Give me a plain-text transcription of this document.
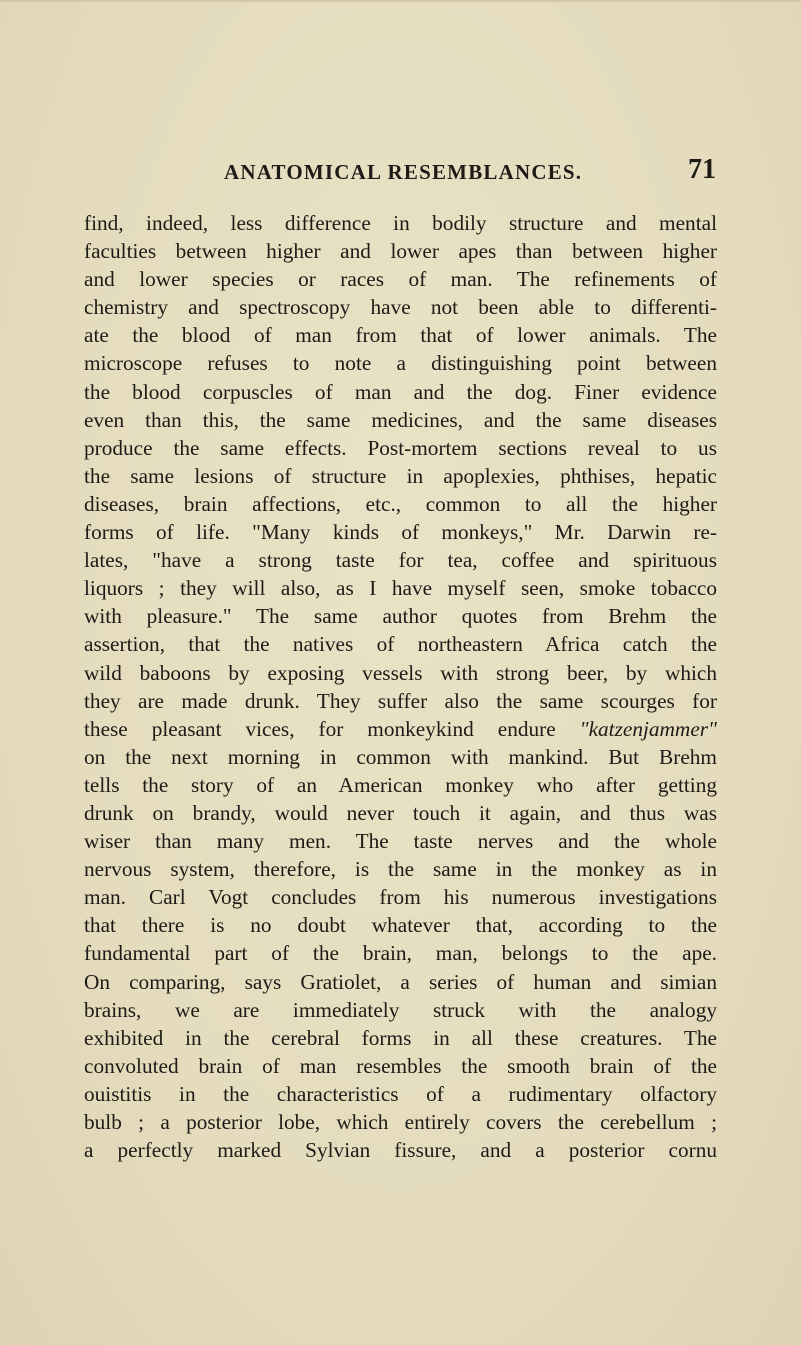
ANATOMICAL RESEMBLANCES.	71
find, indeed, less difference in bodily structure and mental
faculties between higher and lower apes than between higher
and lower species or races of man. The refinements of
chemistry and spectroscopy have not been able to differenti-
ate the blood of man from that of lower animals. The
microscope refuses to note a distinguishing point between
the blood corpuscles of man and the dog. Finer evidence
even than this, the same medicines, and the same diseases
produce the same effects. Post-mortem sections reveal to us
the same lesions of structure in apoplexies, phthises, hepatic
diseases, brain affections, etc., common to all the higher
forms of life. "Many kinds of monkeys," Mr. Darwin re-
lates, "have a strong taste for tea, coffee and spirituous
liquors ; they will also, as I have myself seen, smoke tobacco
with pleasure." The same author quotes from Brehm the
assertion, that the natives of northeastern Africa catch the
wild baboons by exposing vessels with strong beer, by which
they are made drunk. They suffer also the same scourges for
these pleasant vices, for monkeykind endure "katzenjammer"
on the next morning in common with mankind. But Brehm
tells the story of an American monkey who after getting
drunk on brandy, would never touch it again, and thus was
wiser than many men. The taste nerves and the whole
nervous system, therefore, is the same in the monkey as in
man. Carl Vogt concludes from his numerous investigations
that there is no doubt whatever that, according to the
fundamental part of the brain, man, belongs to the ape.
On comparing, says Gratiolet, a series of human and simian
brains, we are immediately struck with the analogy
exhibited in the cerebral forms in all these creatures. The
convoluted brain of man resembles the smooth brain of the
ouistitis in the characteristics of a rudimentary olfactory
bulb ; a posterior lobe, which entirely covers the cerebellum ;
a perfectly marked Sylvian fissure, and a posterior cornu
